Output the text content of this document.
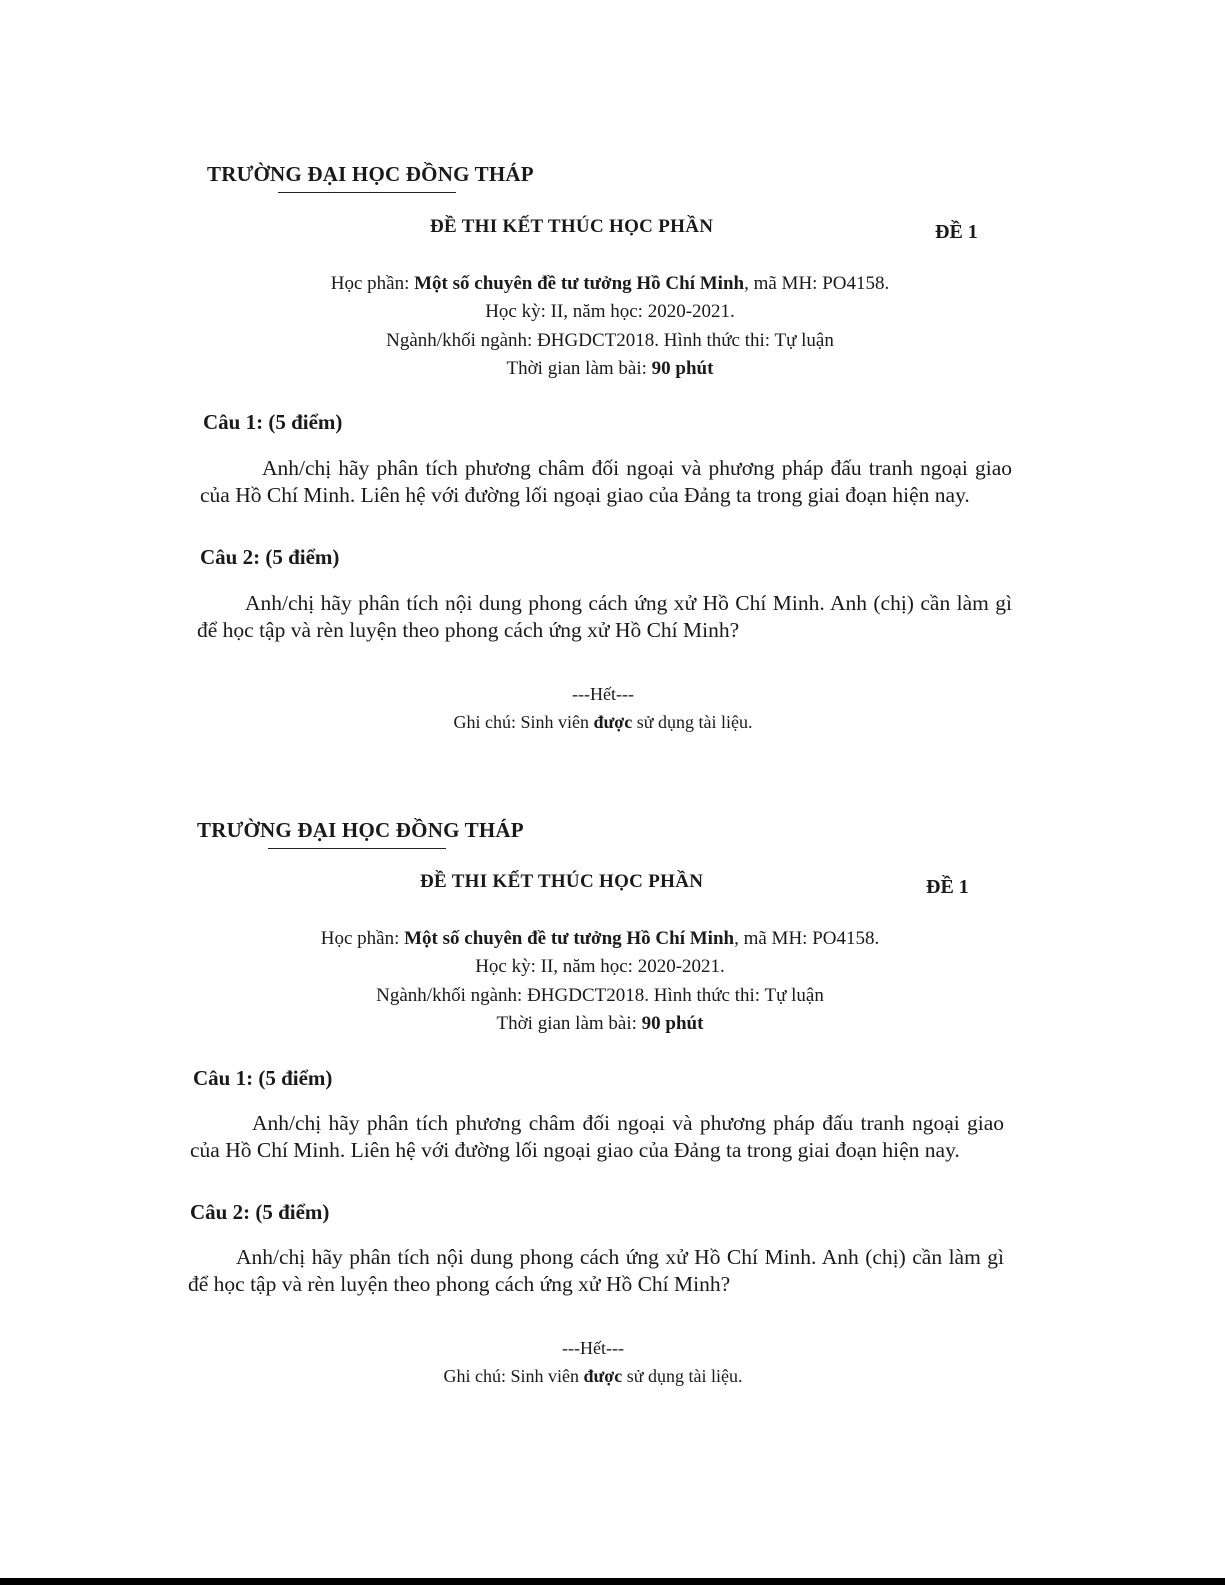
TRƯỜNG ĐẠI HỌC ĐỒNG THÁP
ĐỀ THI KẾT THÚC HỌC PHẦN	ĐỀ 1
Học phần: Một số chuyên đề tư tưởng Hồ Chí Minh, mã MH: PO4158.
Học kỳ: II, năm học: 2020-2021.
Ngành/khối ngành: ĐHGDCT2018. Hình thức thi: Tự luận
Thời gian làm bài: 90 phút
Câu 1: (5 điểm)
Anh/chị hãy phân tích phương châm đối ngoại và phương pháp đấu tranh ngoại giao của Hồ Chí Minh. Liên hệ với đường lối ngoại giao của Đảng ta trong giai đoạn hiện nay.
Câu 2: (5 điểm)
Anh/chị hãy phân tích nội dung phong cách ứng xử Hồ Chí Minh. Anh (chị) cần làm gì để học tập và rèn luyện theo phong cách ứng xử Hồ Chí Minh?
---Hết---
Ghi chú: Sinh viên được sử dụng tài liệu.
TRƯỜNG ĐẠI HỌC ĐỒNG THÁP
ĐỀ THI KẾT THÚC HỌC PHẦN	ĐỀ 1
Học phần: Một số chuyên đề tư tưởng Hồ Chí Minh, mã MH: PO4158.
Học kỳ: II, năm học: 2020-2021.
Ngành/khối ngành: ĐHGDCT2018. Hình thức thi: Tự luận
Thời gian làm bài: 90 phút
Câu 1: (5 điểm)
Anh/chị hãy phân tích phương châm đối ngoại và phương pháp đấu tranh ngoại giao của Hồ Chí Minh. Liên hệ với đường lối ngoại giao của Đảng ta trong giai đoạn hiện nay.
Câu 2: (5 điểm)
Anh/chị hãy phân tích nội dung phong cách ứng xử Hồ Chí Minh. Anh (chị) cần làm gì để học tập và rèn luyện theo phong cách ứng xử Hồ Chí Minh?
---Hết---
Ghi chú: Sinh viên được sử dụng tài liệu.
